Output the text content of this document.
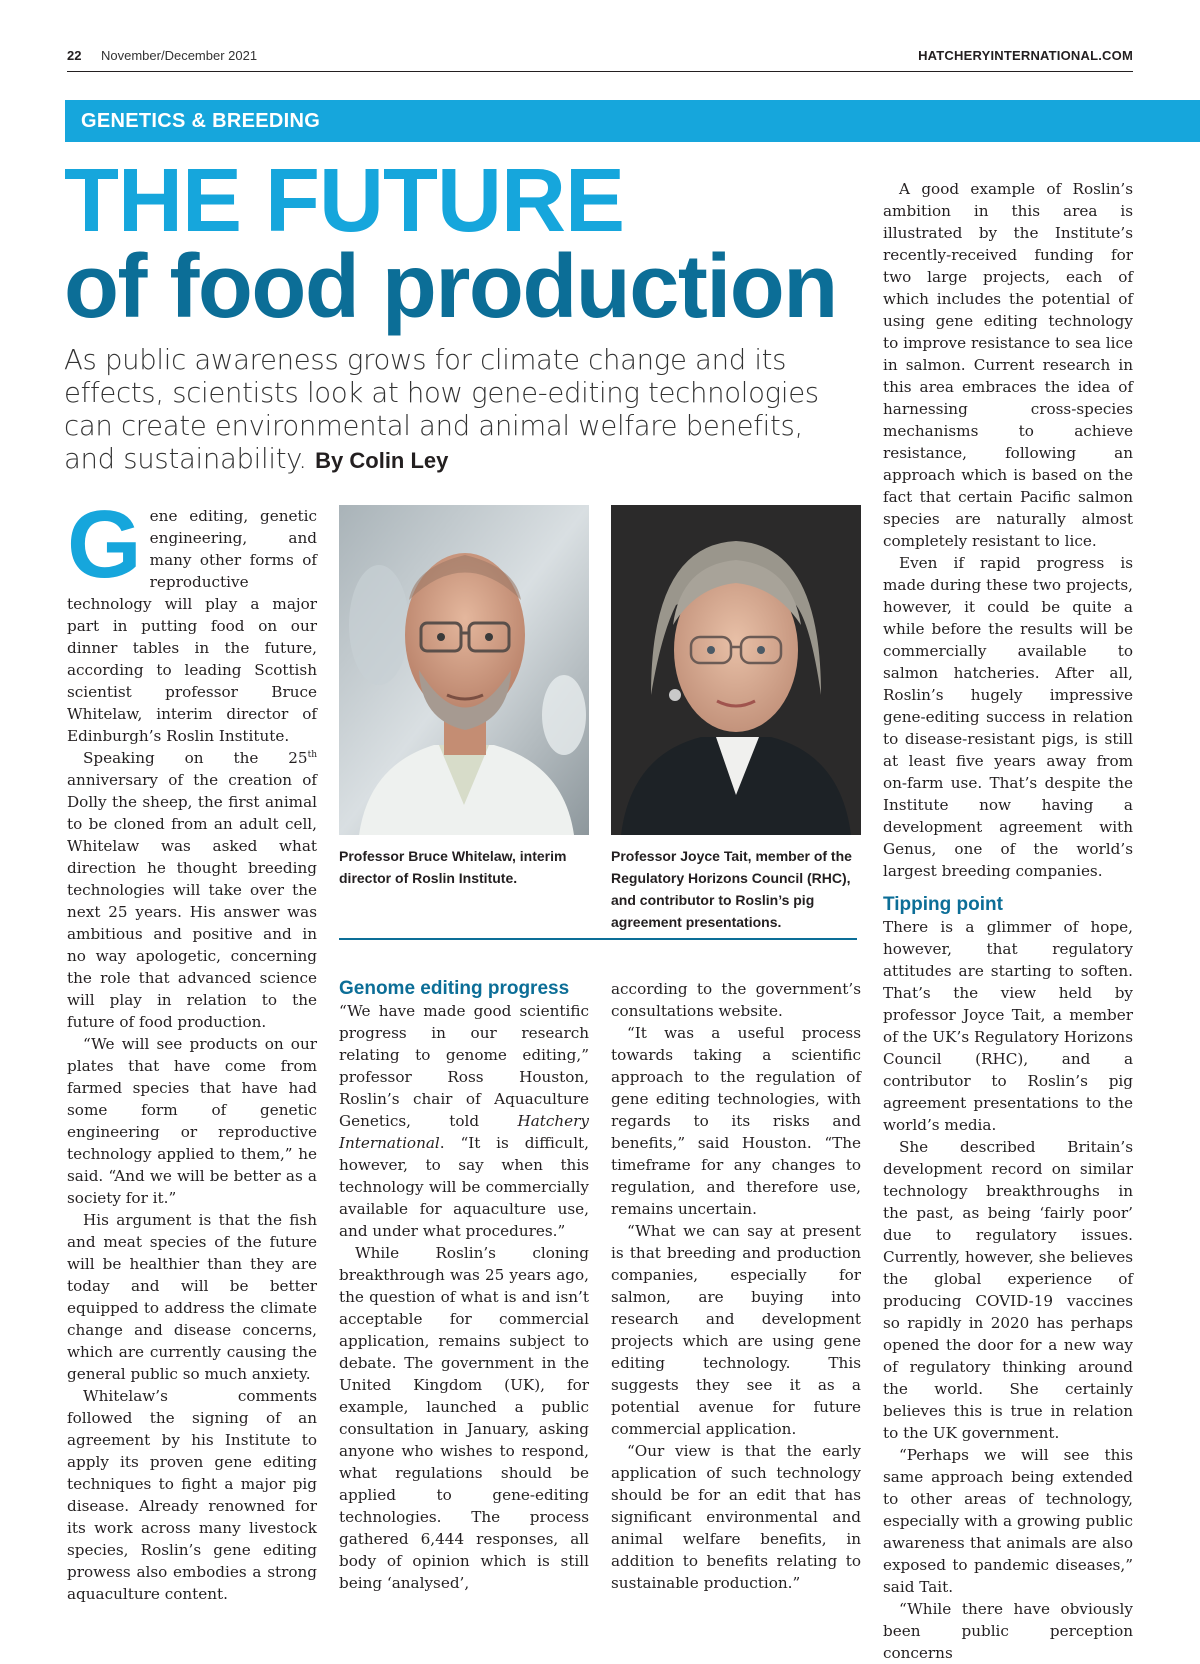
22 November/December 2021	HATCHERYINTERNATIONAL.COM
GENETICS & BREEDING
THE FUTURE
of food production
As public awareness grows for climate change and its effects, scientists look at how gene-editing technologies can create environmental and animal welfare benefits, and sustainability. By Colin Ley

Gene editing, genetic engineering, and many other forms of reproductive technology will play a major part in putting food on our dinner tables in the future, according to leading Scottish scientist professor Bruce Whitelaw, interim director of Edinburgh’s Roslin Institute.

Speaking on the 25th anniversary of the creation of Dolly the sheep, the first animal to be cloned from an adult cell, Whitelaw was asked what direction he thought breeding technologies will take over the next 25 years. His answer was ambitious and positive and in no way apologetic, concerning the role that advanced science will play in relation to the future of food production.

“We will see products on our plates that have come from farmed species that have had some form of genetic engineering or reproductive technology applied to them,” he said. “And we will be better as a society for it.”

His argument is that the fish and meat species of the future will be healthier than they are today and will be better equipped to address the climate change and disease concerns, which are currently causing the general public so much anxiety.

Whitelaw’s comments followed the signing of an agreement by his Institute to apply its proven gene editing techniques to fight a major pig disease. Already renowned for its work across many livestock species, Roslin’s gene editing prowess also embodies a strong aquaculture content.

Professor Bruce Whitelaw, interim director of Roslin Institute.
Professor Joyce Tait, member of the Regulatory Horizons Council (RHC), and contributor to Roslin’s pig agreement presentations.
Genome editing progress

“We have made good scientific progress in our research relating to genome editing,” professor Ross Houston, Roslin’s chair of Aquaculture Genetics, told Hatchery International. “It is difficult, however, to say when this technology will be commercially available for aquaculture use, and under what procedures.”

While Roslin’s cloning breakthrough was 25 years ago, the question of what is and isn’t acceptable for commercial application, remains subject to debate. The government in the United Kingdom (UK), for example, launched a public consultation in January, asking anyone who wishes to respond, what regulations should be applied to gene-editing technologies. The process gathered 6,444 responses, all body of opinion which is still being ‘analysed’,

according to the government’s consultations website.

“It was a useful process towards taking a scientific approach to the regulation of gene editing technologies, with regards to its risks and benefits,” said Houston. “The timeframe for any changes to regulation, and therefore use, remains uncertain.

“What we can say at present is that breeding and production companies, especially for salmon, are buying into research and development projects which are using gene editing technology. This suggests they see it as a potential avenue for future commercial application.

“Our view is that the early application of such technology should be for an edit that has significant environmental and animal welfare benefits, in addition to benefits relating to sustainable production.”

A good example of Roslin’s ambition in this area is illustrated by the Institute’s recently-received funding for two large projects, each of which includes the potential of using gene editing technology to improve resistance to sea lice in salmon. Current research in this area embraces the idea of harnessing cross-species mechanisms to achieve resistance, following an approach which is based on the fact that certain Pacific salmon species are naturally almost completely resistant to lice.

Even if rapid progress is made during these two projects, however, it could be quite a while before the results will be commercially available to salmon hatcheries. After all, Roslin’s hugely impressive gene-editing success in relation to disease-resistant pigs, is still at least five years away from on-farm use. That’s despite the Institute now having a development agreement with Genus, one of the world’s largest breeding companies.

Tipping point

There is a glimmer of hope, however, that regulatory attitudes are starting to soften. That’s the view held by professor Joyce Tait, a member of the UK’s Regulatory Horizons Council (RHC), and a contributor to Roslin’s pig agreement presentations to the world’s media.

She described Britain’s development record on similar technology breakthroughs in the past, as being ‘fairly poor’ due to regulatory issues. Currently, however, she believes the global experience of producing COVID-19 vaccines so rapidly in 2020 has perhaps opened the door for a new way of regulatory thinking around the world. She certainly believes this is true in relation to the UK government.

“Perhaps we will see this same approach being extended to other areas of technology, especially with a growing public awareness that animals are also exposed to pandemic diseases,” said Tait.

“While there have obviously been public perception concerns
